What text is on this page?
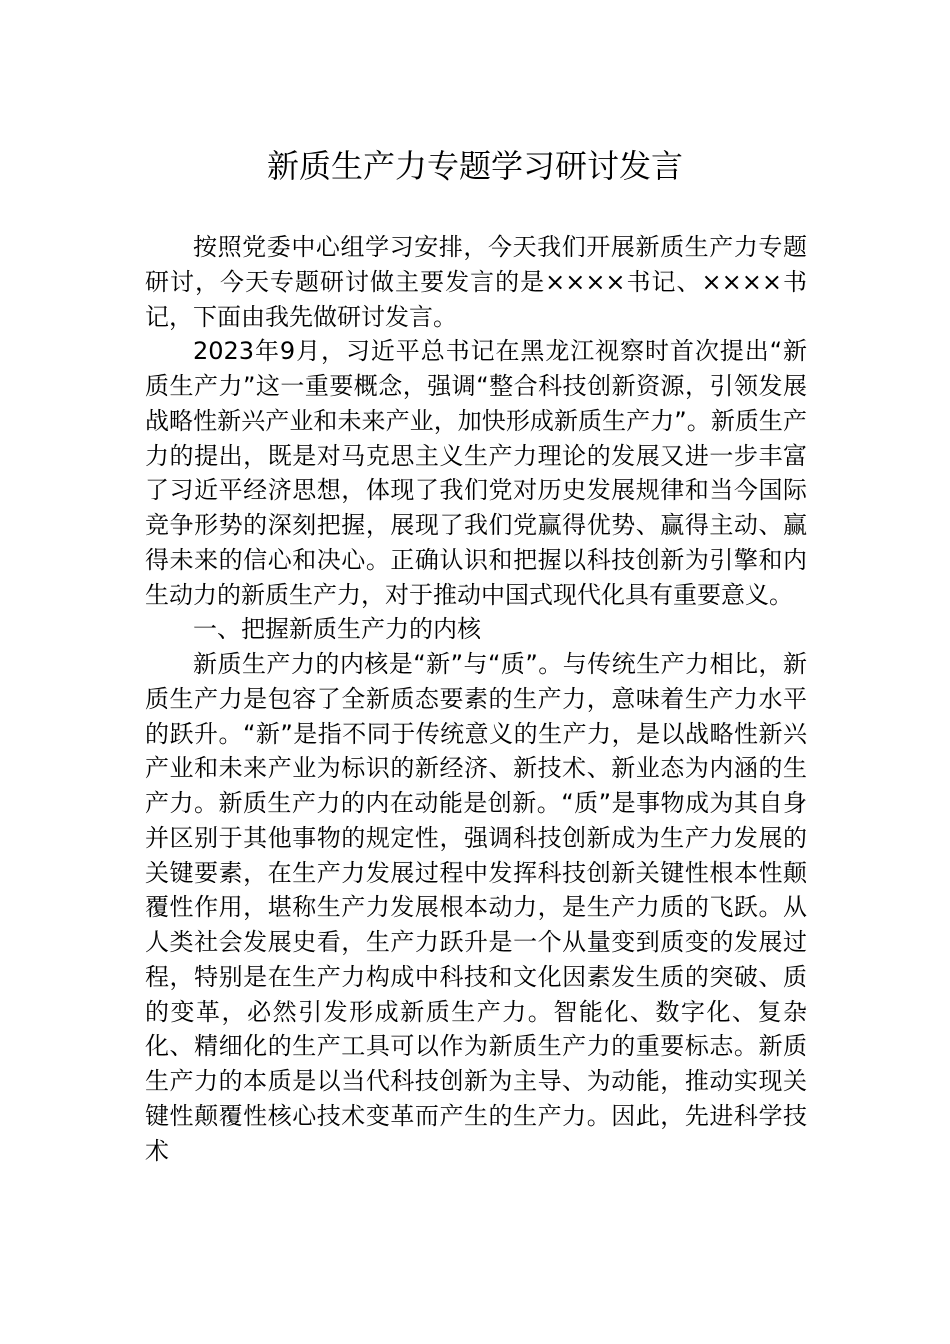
新质生产力专题学习研讨发言

按照党委中心组学习安排，今天我们开展新质生产力专题研讨，今天专题研讨做主要发言的是××××书记、××××书记，下面由我先做研讨发言。

2023年9月，习近平总书记在黑龙江视察时首次提出“新质生产力”这一重要概念，强调“整合科技创新资源，引领发展战略性新兴产业和未来产业，加快形成新质生产力”。新质生产力的提出，既是对马克思主义生产力理论的发展又进一步丰富了习近平经济思想，体现了我们党对历史发展规律和当今国际竞争形势的深刻把握，展现了我们党赢得优势、赢得主动、赢得未来的信心和决心。正确认识和把握以科技创新为引擎和内生动力的新质生产力，对于推动中国式现代化具有重要意义。

一、把握新质生产力的内核

新质生产力的内核是“新”与“质”。与传统生产力相比，新质生产力是包容了全新质态要素的生产力，意味着生产力水平的跃升。“新”是指不同于传统意义的生产力，是以战略性新兴产业和未来产业为标识的新经济、新技术、新业态为内涵的生产力。新质生产力的内在动能是创新。“质”是事物成为其自身并区别于其他事物的规定性，强调科技创新成为生产力发展的关键要素，在生产力发展过程中发挥科技创新关键性根本性颠覆性作用，堪称生产力发展根本动力，是生产力质的飞跃。从人类社会发展史看，生产力跃升是一个从量变到质变的发展过程，特别是在生产力构成中科技和文化因素发生质的突破、质的变革，必然引发形成新质生产力。智能化、数字化、复杂化、精细化的生产工具可以作为新质生产力的重要标志。新质生产力的本质是以当代科技创新为主导、为动能，推动实现关键性颠覆性核心技术变革而产生的生产力。因此，先进科学技术
